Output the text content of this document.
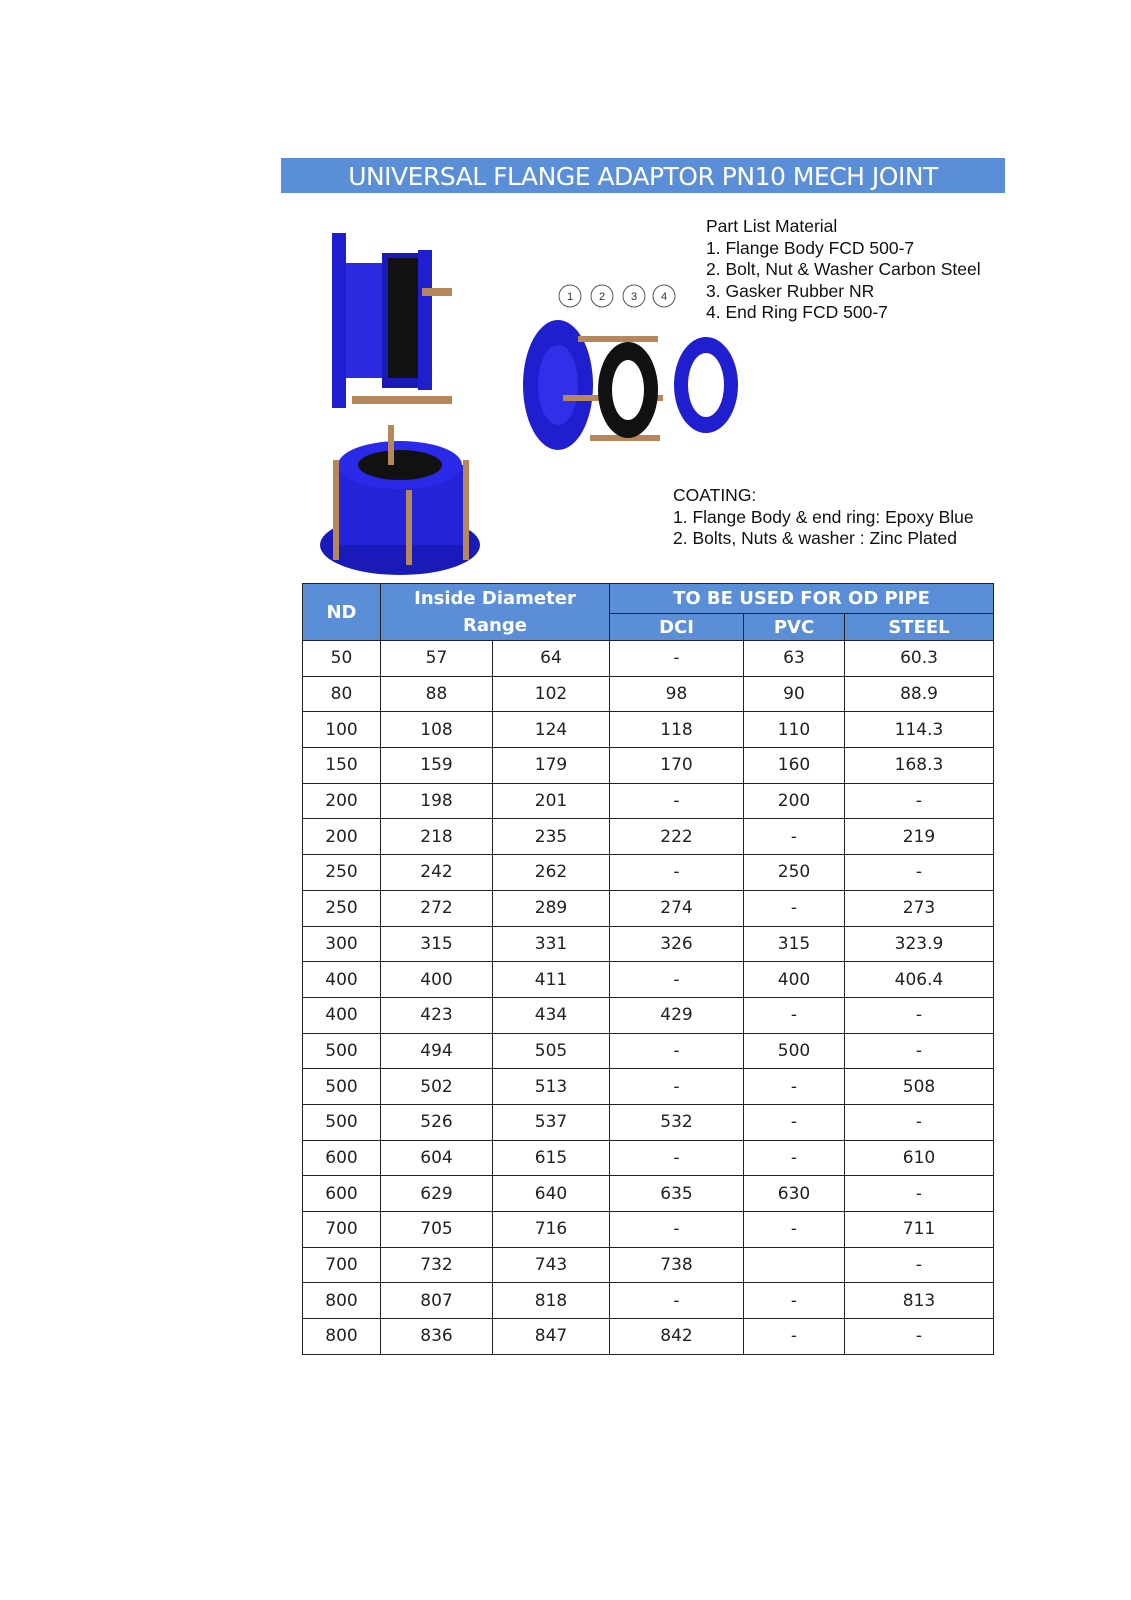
UNIVERSAL FLANGE ADAPTOR PN10 MECH JOINT
1 2 3 4
Part List Material
1. Flange Body FCD 500-7
2. Bolt, Nut & Washer Carbon Steel
3. Gasker Rubber NR
4. End Ring FCD 500-7
COATING:
1. Flange Body & end ring: Epoxy Blue
2. Bolts, Nuts & washer : Zinc Plated
ND	Inside Diameter
Range		TO BE USED FOR OD PIPE		
			DCI	PVC	STEEL
50	57	64	-	63	60.3
80	88	102	98	90	88.9
100	108	124	118	110	114.3
150	159	179	170	160	168.3
200	198	201	-	200	-
200	218	235	222	-	219
250	242	262	-	250	-
250	272	289	274	-	273
300	315	331	326	315	323.9
400	400	411	-	400	406.4
400	423	434	429	-	-
500	494	505	-	500	-
500	502	513	-	-	508
500	526	537	532	-	-
600	604	615	-	-	610
600	629	640	635	630	-
700	705	716	-	-	711
700	732	743	738		-
800	807	818	-	-	813
800	836	847	842	-	-
